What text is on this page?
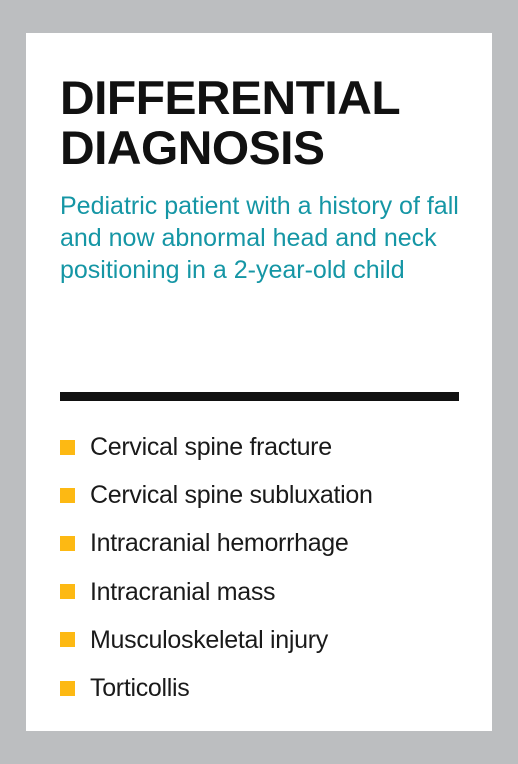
DIFFERENTIAL
DIAGNOSIS

Pediatric patient with a history of fall and now abnormal head and neck positioning in a 2-year-old child

Cervical spine fracture
Cervical spine subluxation
Intracranial hemorrhage
Intracranial mass
Musculoskeletal injury
Torticollis
